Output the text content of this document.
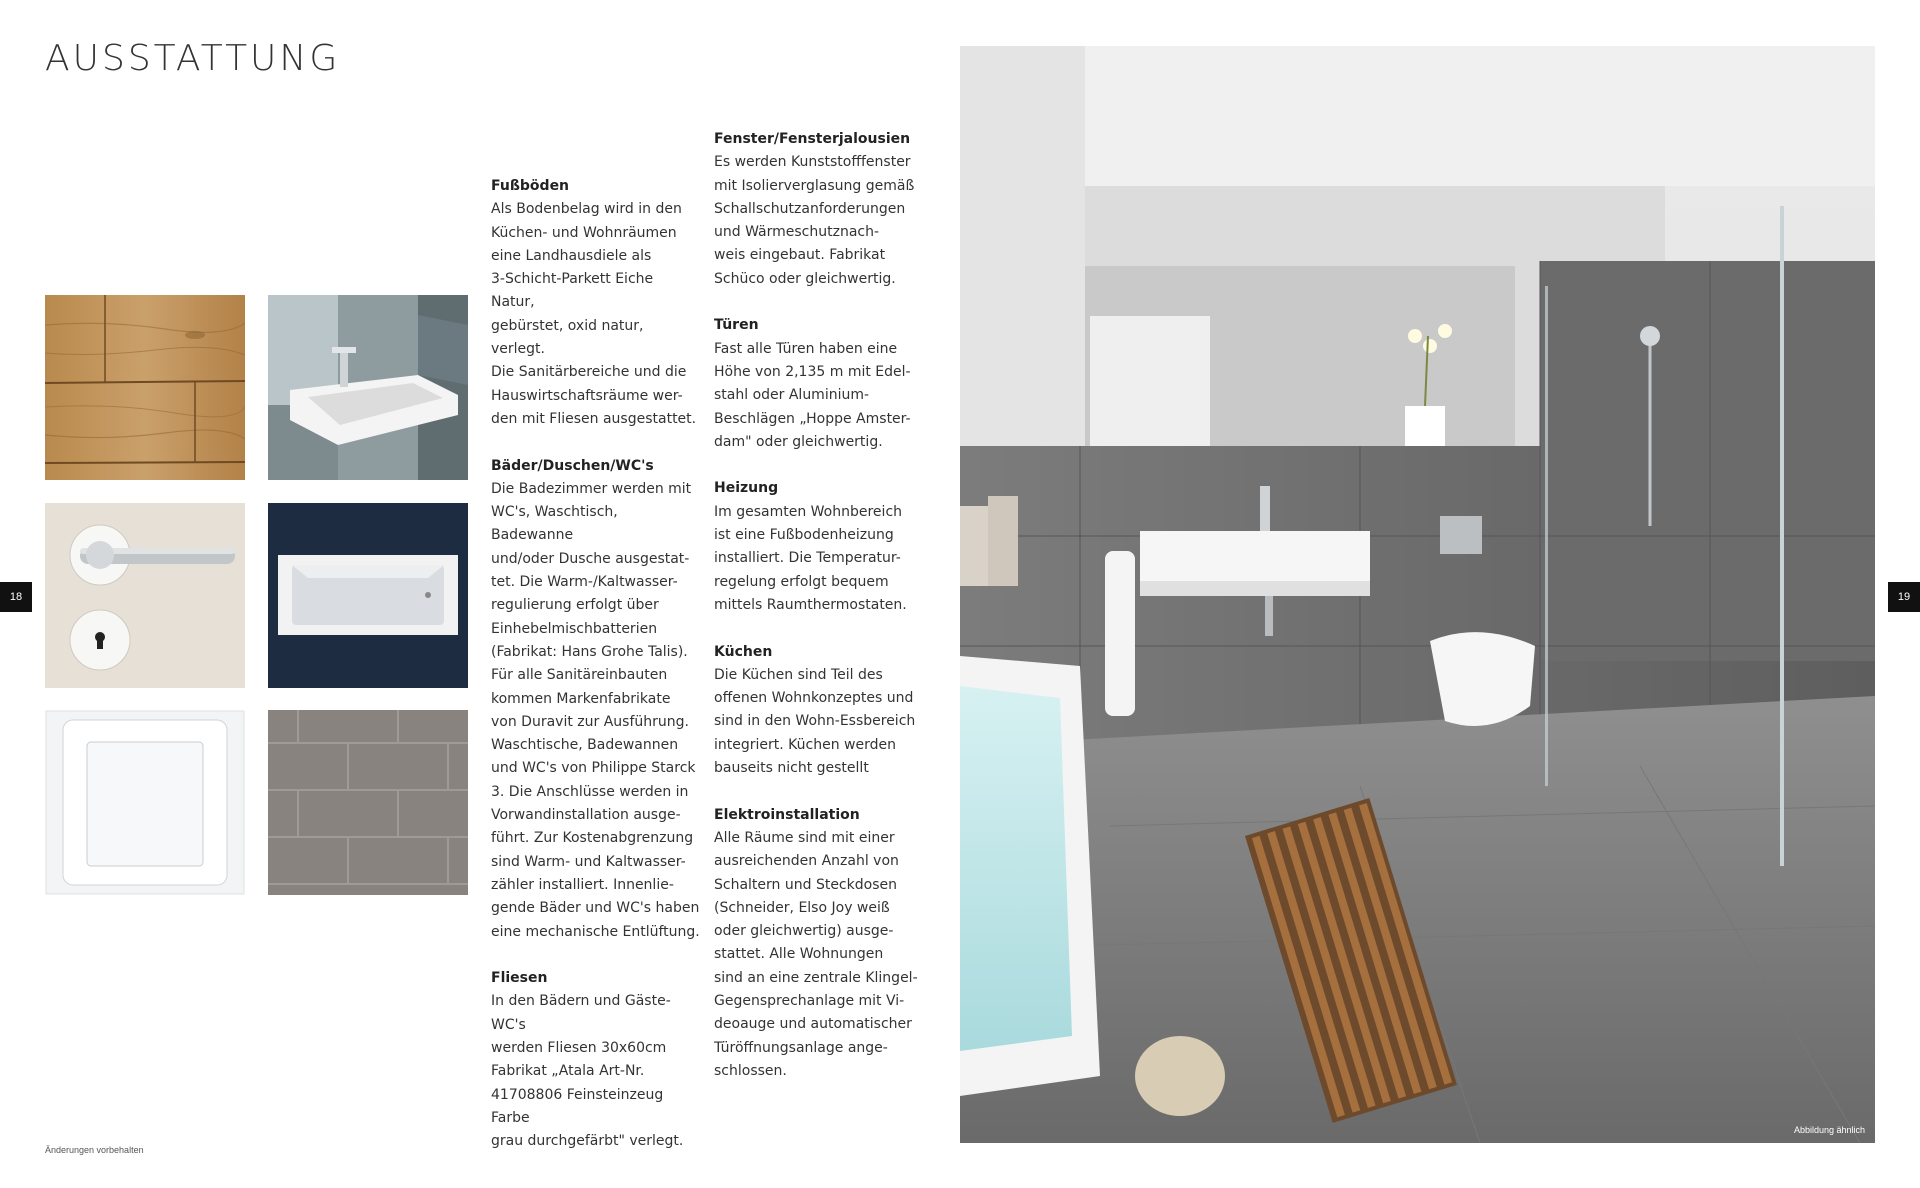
AUSSTATTUNG
18	19
Fußböden

Als Bodenbelag wird in den
Küchen- und Wohnräumen
eine Landhausdiele als
3-Schicht-Parkett Eiche Natur,
gebürstet, oxid natur, verlegt.
Die Sanitärbereiche und die
Hauswirtschaftsräume wer-
den mit Fliesen ausgestattet.

Bäder/Duschen/WC's

Die Badezimmer werden mit
WC's, Waschtisch, Badewanne
und/oder Dusche ausgestat-
tet. Die Warm-/Kaltwasser-
regulierung erfolgt über
Einhebelmischbatterien
(Fabrikat: Hans Grohe Talis).
Für alle Sanitäreinbauten
kommen Markenfabrikate
von Duravit zur Ausführung.
Waschtische, Badewannen
und WC's von Philippe Starck
3. Die Anschlüsse werden in
Vorwandinstallation ausge-
führt. Zur Kostenabgrenzung
sind Warm- und Kaltwasser-
zähler installiert. Innenlie-
gende Bäder und WC's haben
eine mechanische Entlüftung.

Fliesen

In den Bädern und Gäste-WC's
werden Fliesen 30x60cm
Fabrikat „Atala Art-Nr.
41708806 Feinsteinzeug Farbe
grau durchgefärbt" verlegt.

Fenster/Fensterjalousien

Es werden Kunststofffenster
mit Isolierverglasung gemäß
Schallschutzanforderungen
und Wärmeschutznach-
weis eingebaut. Fabrikat
Schüco oder gleichwertig.

Türen

Fast alle Türen haben eine
Höhe von 2,135 m mit Edel-
stahl oder Aluminium-
Beschlägen „Hoppe Amster-
dam" oder gleichwertig.

Heizung

Im gesamten Wohnbereich
ist eine Fußbodenheizung
installiert. Die Temperatur-
regelung erfolgt bequem
mittels Raumthermostaten.

Küchen

Die Küchen sind Teil des
offenen Wohnkonzeptes und
sind in den Wohn-Essbereich
integriert. Küchen werden
bauseits nicht gestellt

Elektroinstallation

Alle Räume sind mit einer
ausreichenden Anzahl von
Schaltern und Steckdosen
(Schneider, Elso Joy weiß
oder gleichwertig) ausge-
stattet. Alle Wohnungen
sind an eine zentrale Klingel-
Gegensprechanlage mit Vi-
deoauge und automatischer
Türöffnungsanlage ange-
schlossen.

Abbildung ähnlich
Änderungen vorbehalten
